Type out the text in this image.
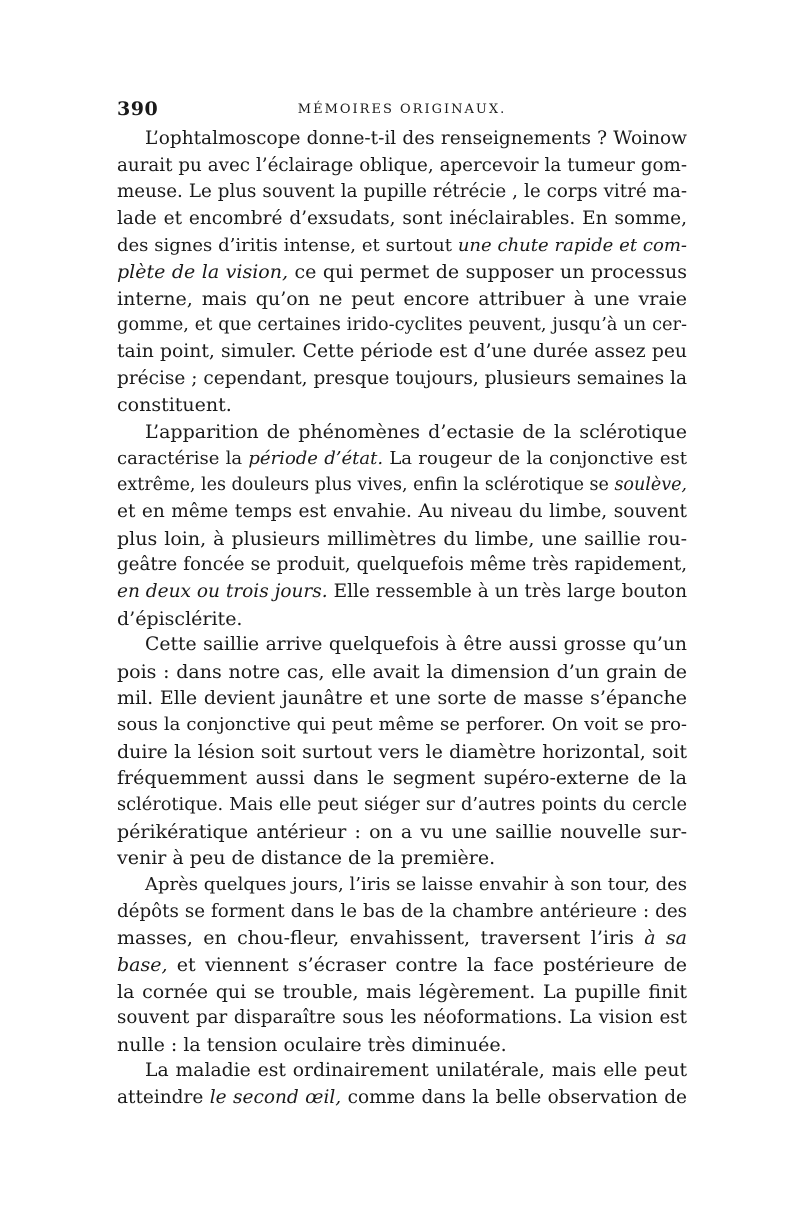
390	MÉMOIRES ORIGINAUX.
L’ophtalmoscope donne-t-il des renseignements ? Woinow
aurait pu avec l’éclairage oblique, apercevoir la tumeur gom-
meuse. Le plus souvent la pupille rétrécie , le corps vitré ma-
lade et encombré d’exsudats, sont inéclairables. En somme,
des signes d’iritis intense, et surtout une chute rapide et com-
plète de la vision, ce qui permet de supposer un processus
interne, mais qu’on ne peut encore attribuer à une vraie
gomme, et que certaines irido-cyclites peuvent, jusqu’à un cer-
tain point, simuler. Cette période est d’une durée assez peu
précise ; cependant, presque toujours, plusieurs semaines la
constituent.
L’apparition de phénomènes d’ectasie de la sclérotique
caractérise la période d’état. La rougeur de la conjonctive est
extrême, les douleurs plus vives, enfin la sclérotique se soulève,
et en même temps est envahie. Au niveau du limbe, souvent
plus loin, à plusieurs millimètres du limbe, une saillie rou-
geâtre foncée se produit, quelquefois même très rapidement,
en deux ou trois jours. Elle ressemble à un très large bouton
d’épisclérite.
Cette saillie arrive quelquefois à être aussi grosse qu’un
pois : dans notre cas, elle avait la dimension d’un grain de
mil. Elle devient jaunâtre et une sorte de masse s’épanche
sous la conjonctive qui peut même se perforer. On voit se pro-
duire la lésion soit surtout vers le diamètre horizontal, soit
fréquemment aussi dans le segment supéro-externe de la
sclérotique. Mais elle peut siéger sur d’autres points du cercle
périkératique antérieur : on a vu une saillie nouvelle sur-
venir à peu de distance de la première.
Après quelques jours, l’iris se laisse envahir à son tour, des
dépôts se forment dans le bas de la chambre antérieure : des
masses, en chou-fleur, envahissent, traversent l’iris à sa
base, et viennent s’écraser contre la face postérieure de
la cornée qui se trouble, mais légèrement. La pupille finit
souvent par disparaître sous les néoformations. La vision est
nulle : la tension oculaire très diminuée.
La maladie est ordinairement unilatérale, mais elle peut
atteindre le second œil, comme dans la belle observation de
